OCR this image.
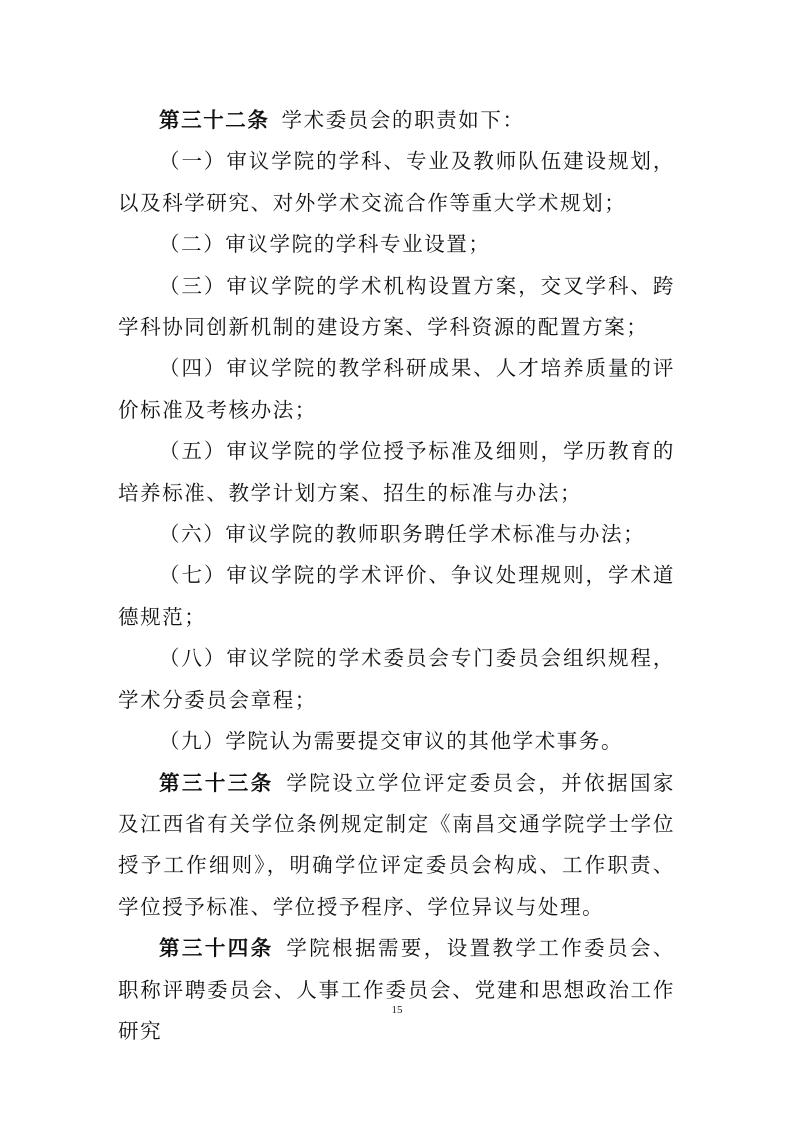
第三十二条 学术委员会的职责如下：

（一）审议学院的学科、专业及教师队伍建设规划，以及科学研究、对外学术交流合作等重大学术规划；

（二）审议学院的学科专业设置；

（三）审议学院的学术机构设置方案，交叉学科、跨学科协同创新机制的建设方案、学科资源的配置方案；

（四）审议学院的教学科研成果、人才培养质量的评价标准及考核办法；

（五）审议学院的学位授予标准及细则，学历教育的培养标准、教学计划方案、招生的标准与办法；

（六）审议学院的教师职务聘任学术标准与办法；

（七）审议学院的学术评价、争议处理规则，学术道德规范；

（八）审议学院的学术委员会专门委员会组织规程，学术分委员会章程；

（九）学院认为需要提交审议的其他学术事务。

第三十三条 学院设立学位评定委员会，并依据国家及江西省有关学位条例规定制定《南昌交通学院学士学位授予工作细则》，明确学位评定委员会构成、工作职责、学位授予标准、学位授予程序、学位异议与处理。

第三十四条 学院根据需要，设置教学工作委员会、职称评聘委员会、人事工作委员会、党建和思想政治工作研究

15
